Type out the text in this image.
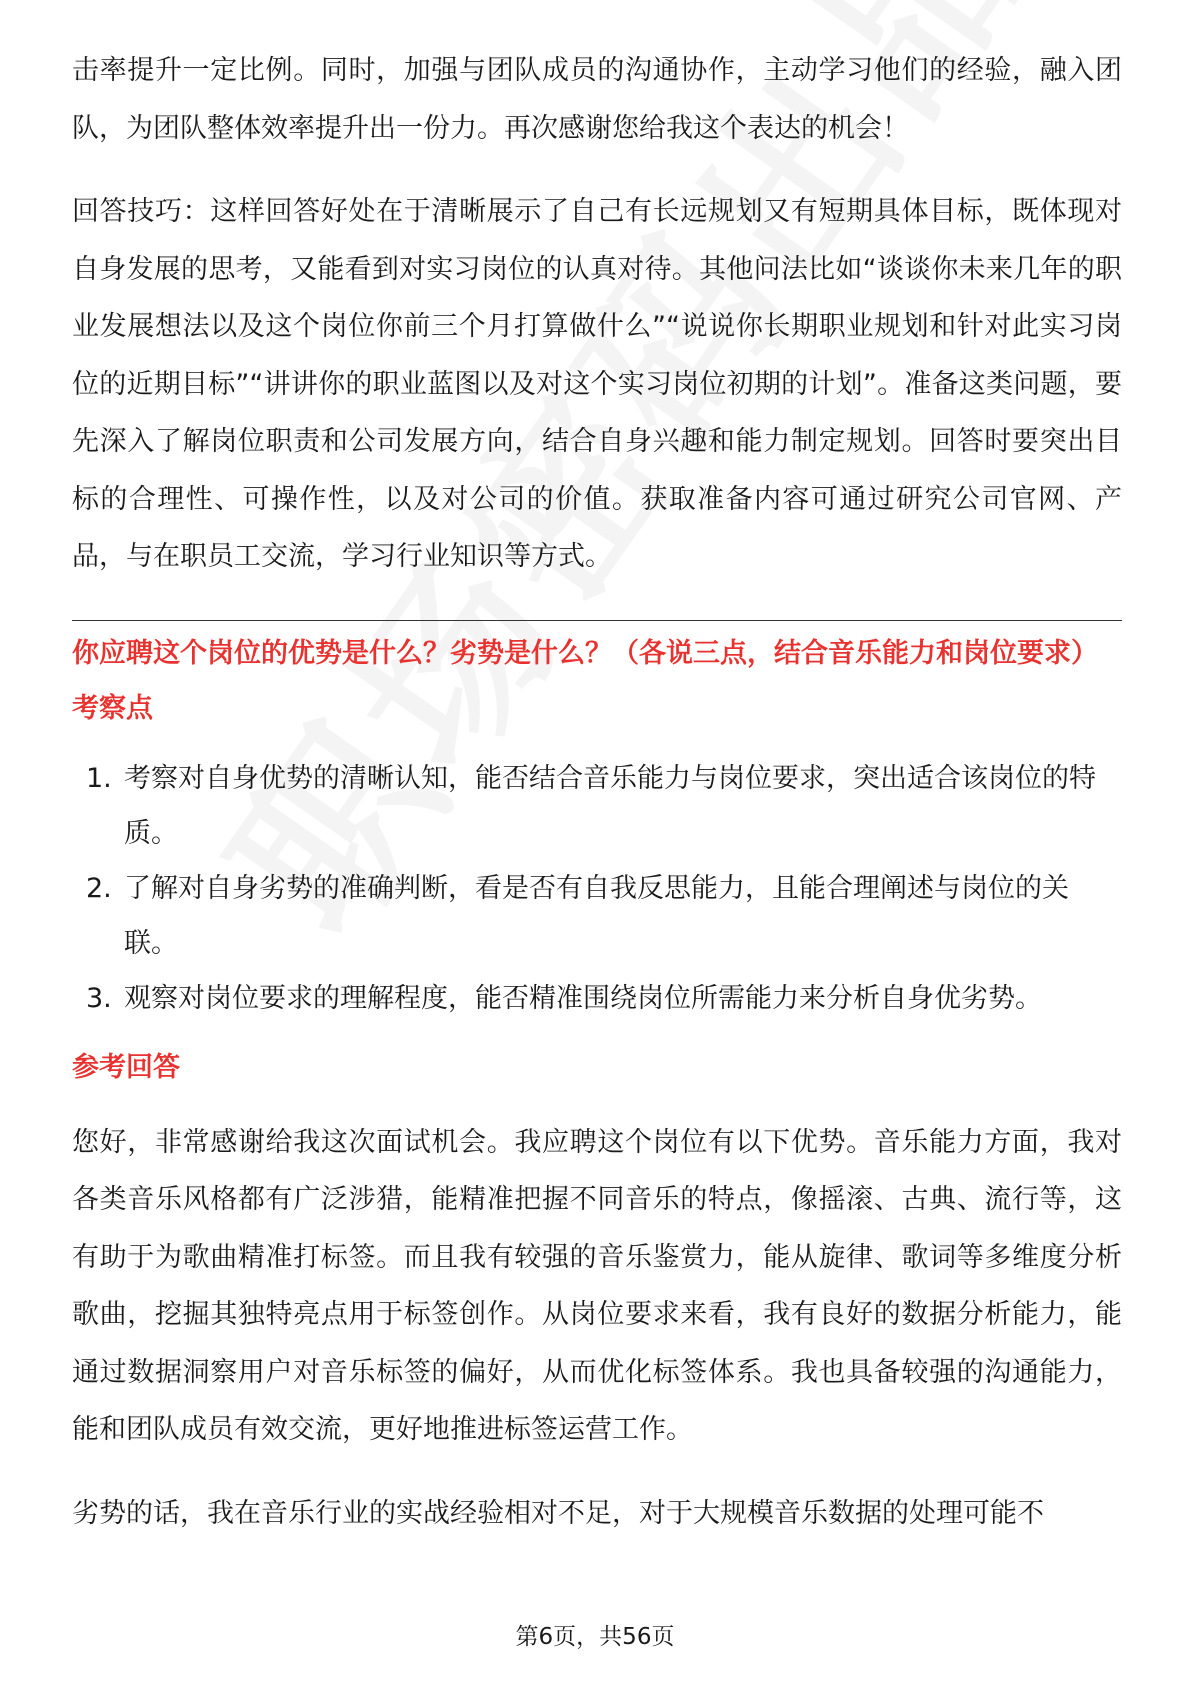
击率提升一定比例。同时，加强与团队成员的沟通协作，主动学习他们的经验，融入团队，为团队整体效率提升出一份力。再次感谢您给我这个表达的机会！

回答技巧：这样回答好处在于清晰展示了自己有长远规划又有短期具体目标，既体现对自身发展的思考，又能看到对实习岗位的认真对待。其他问法比如“谈谈你未来几年的职业发展想法以及这个岗位你前三个月打算做什么”“说说你长期职业规划和针对此实习岗位的近期目标”“讲讲你的职业蓝图以及对这个实习岗位初期的计划”。准备这类问题，要先深入了解岗位职责和公司发展方向，结合自身兴趣和能力制定规划。回答时要突出目标的合理性、可操作性，以及对公司的价值。获取准备内容可通过研究公司官网、产品，与在职员工交流，学习行业知识等方式。

你应聘这个岗位的优势是什么？劣势是什么？（各说三点，结合音乐能力和岗位要求）
考察点
1. 考察对自身优势的清晰认知，能否结合音乐能力与岗位要求，突出适合该岗位的特质。
2. 了解对自身劣势的准确判断，看是否有自我反思能力，且能合理阐述与岗位的关联。
3. 观察对岗位要求的理解程度，能否精准围绕岗位所需能力来分析自身优劣势。
参考回答

您好，非常感谢给我这次面试机会。我应聘这个岗位有以下优势。音乐能力方面，我对各类音乐风格都有广泛涉猎，能精准把握不同音乐的特点，像摇滚、古典、流行等，这有助于为歌曲精准打标签。而且我有较强的音乐鉴赏力，能从旋律、歌词等多维度分析歌曲，挖掘其独特亮点用于标签创作。从岗位要求来看，我有良好的数据分析能力，能通过数据洞察用户对音乐标签的偏好，从而优化标签体系。我也具备较强的沟通能力，能和团队成员有效交流，更好地推进标签运营工作。

劣势的话，我在音乐行业的实战经验相对不足，对于大规模音乐数据的处理可能不

第6页，共56页
